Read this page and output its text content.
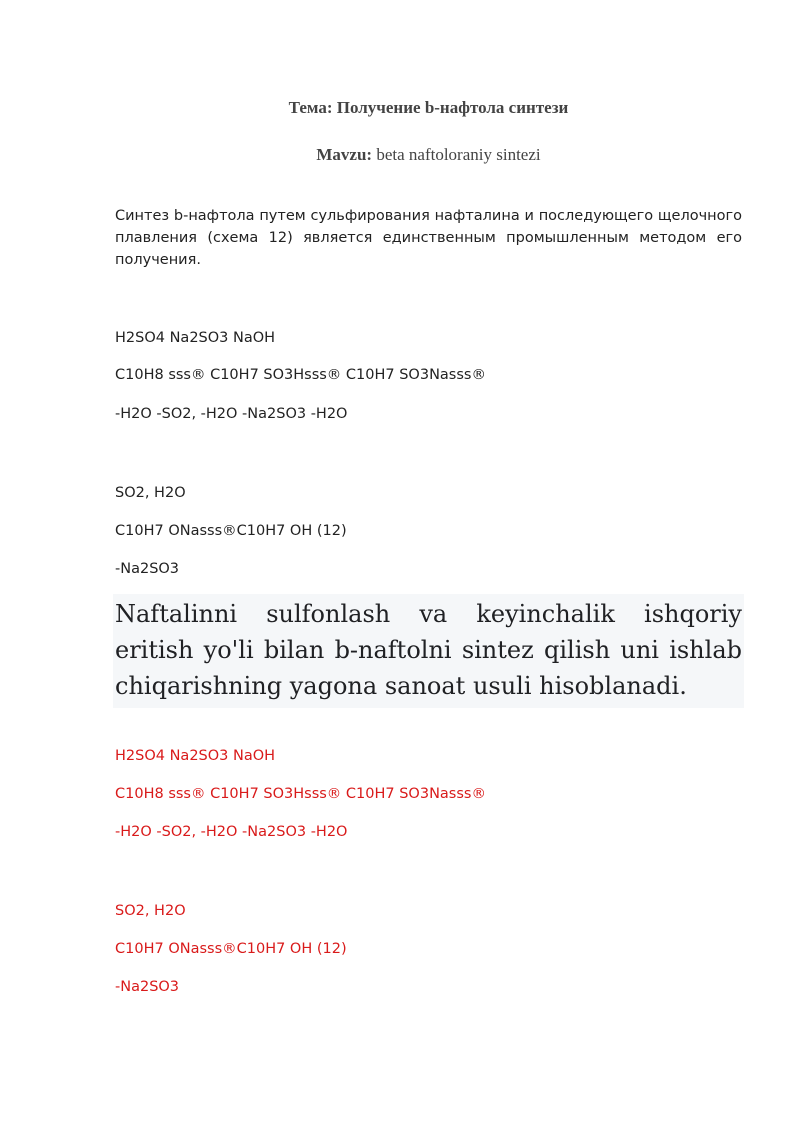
Тема: Получение b-нафтола синтези
Mavzu: beta naftoloraniy sintezi
Синтез b-нафтола путем сульфирования нафталина и последующего щелочного плавления (схема 12) является единственным промышленным методом его получения.
H2SO4 Na2SO3 NaOH
C10H8 sss® C10H7 SO3Hsss® C10H7 SO3Nasss®
-H2O -SO2, -H2O -Na2SO3 -H2O
SO2, H2O
C10H7 ONasss®C10H7 OH (12)
-Na2SO3
Naftalinni sulfonlash va keyinchalik ishqoriy eritish yo'li bilan b-naftolni sintez qilish uni ishlab chiqarishning yagona sanoat usuli hisoblanadi.
H2SO4 Na2SO3 NaOH
C10H8 sss® C10H7 SO3Hsss® C10H7 SO3Nasss®
-H2O -SO2, -H2O -Na2SO3 -H2O
SO2, H2O
C10H7 ONasss®C10H7 OH (12)
-Na2SO3
